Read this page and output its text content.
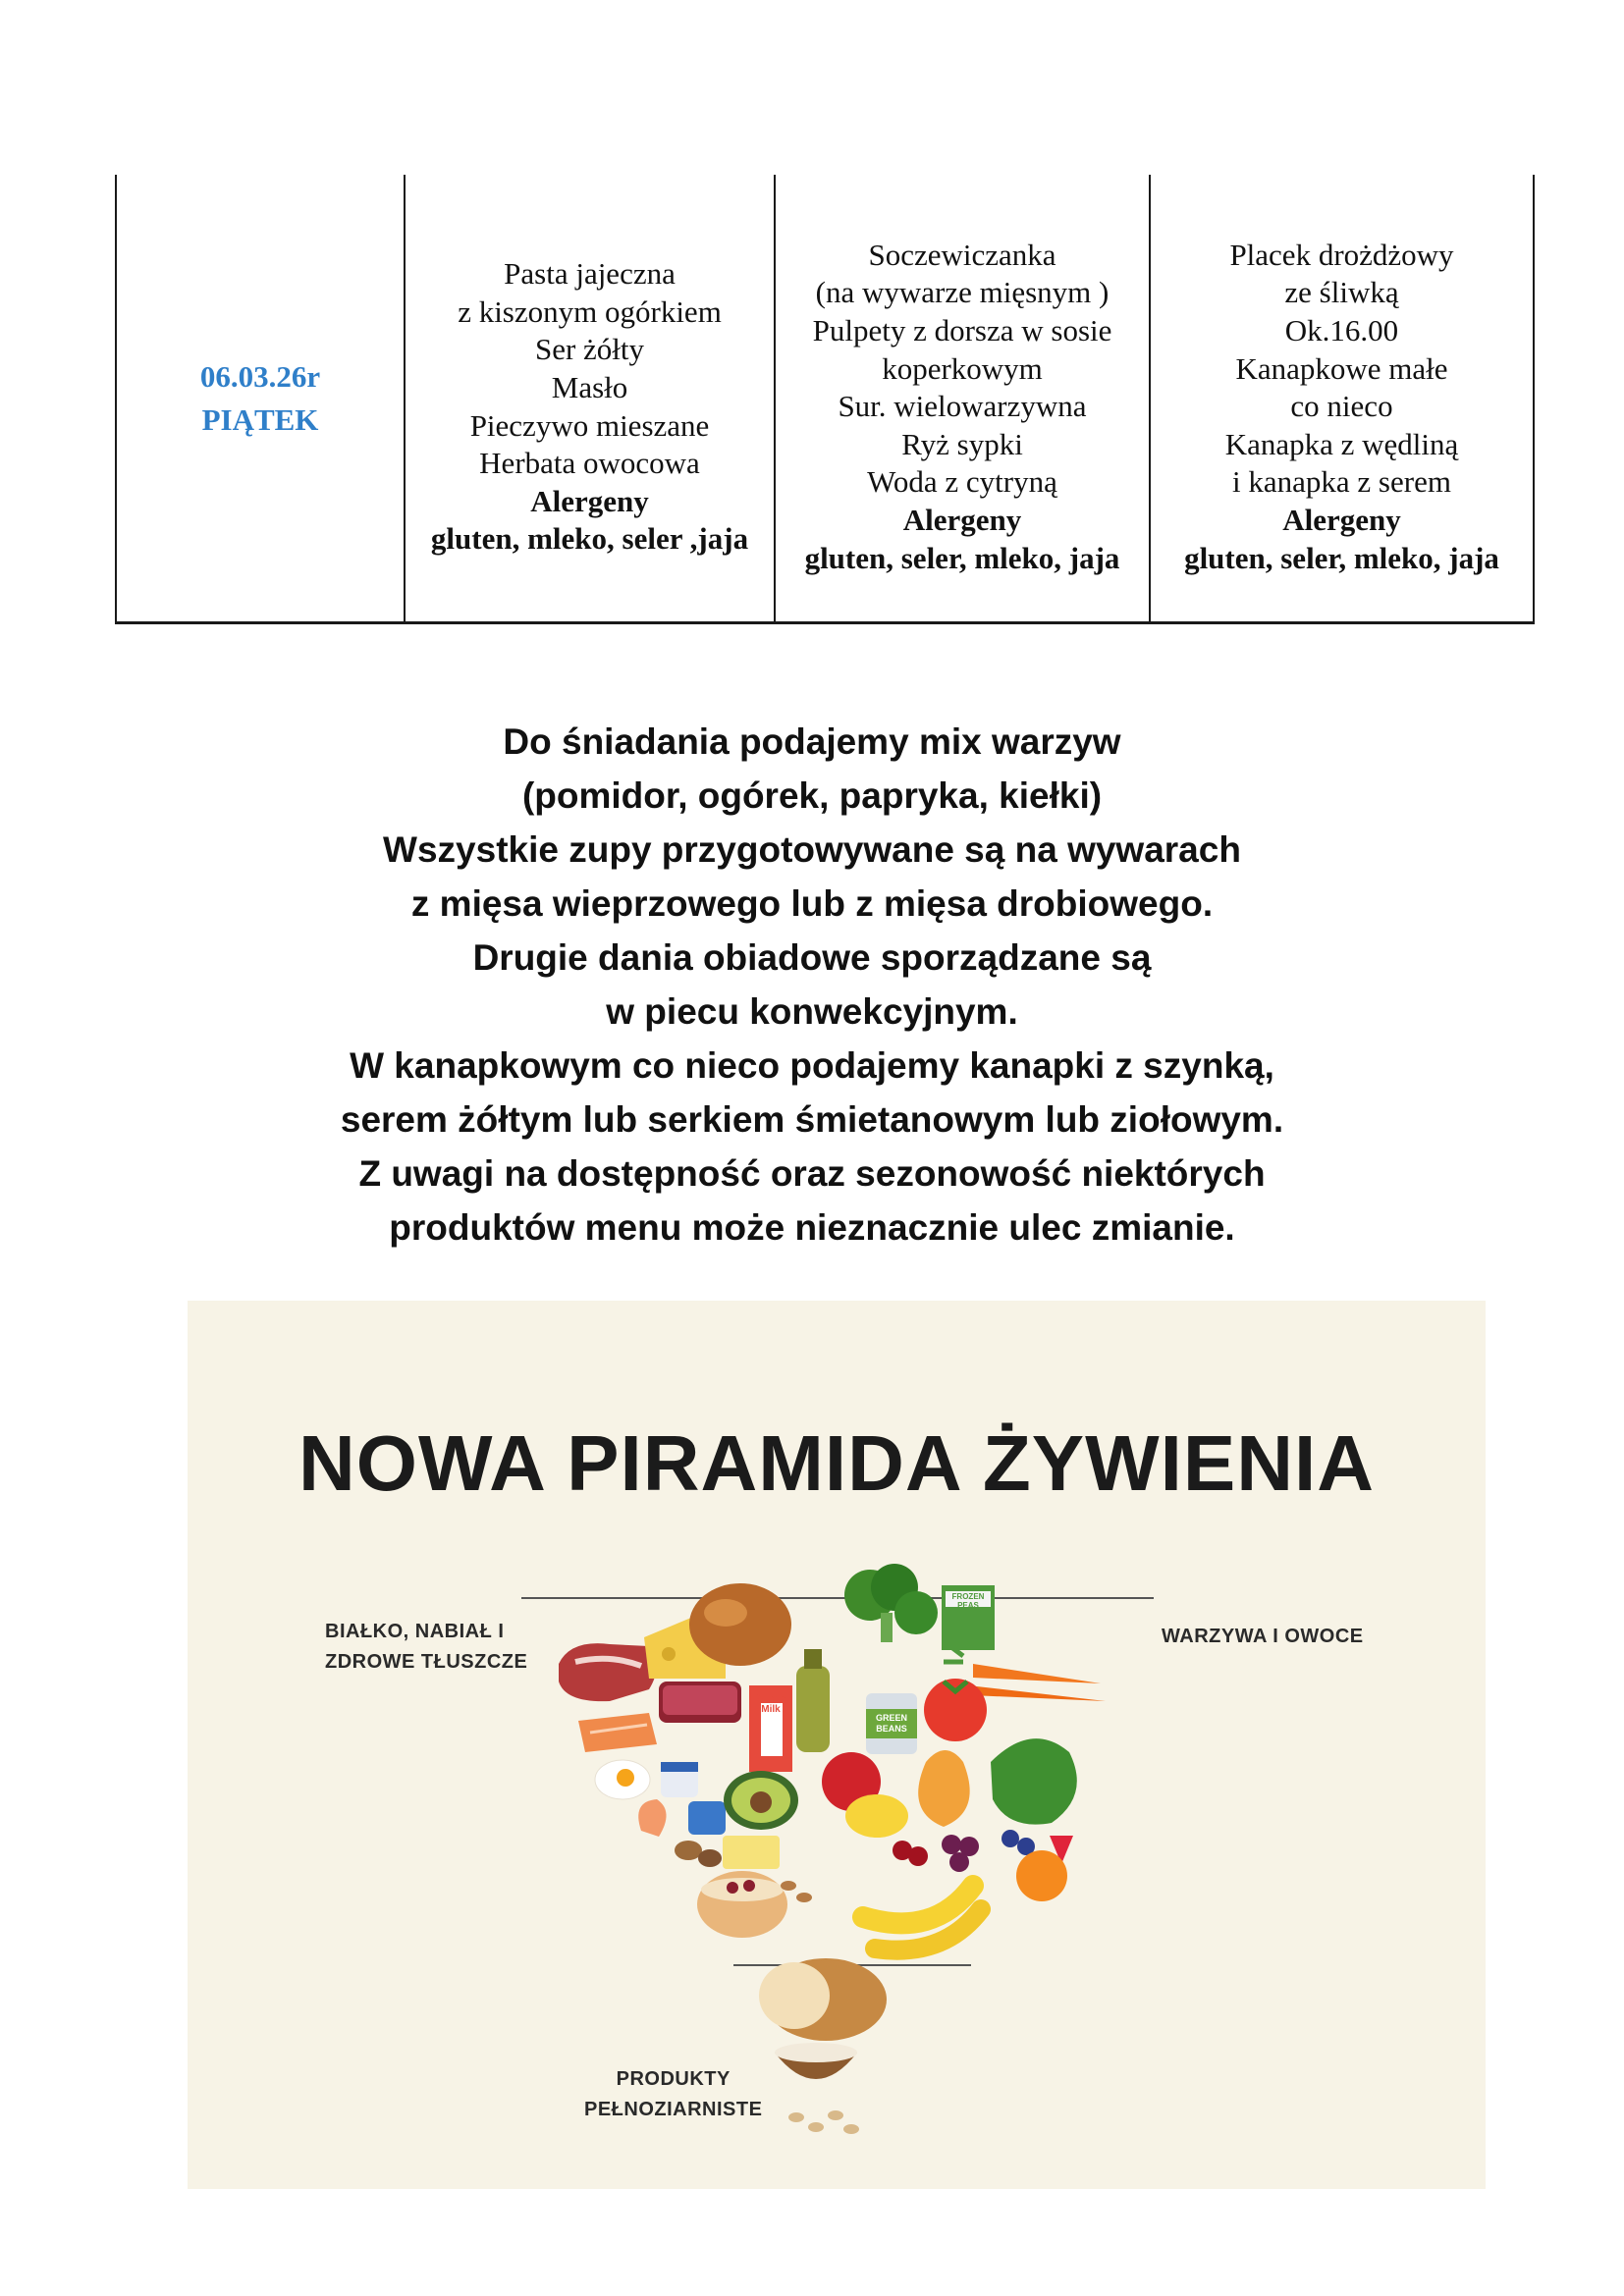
06.03.26r
PIĄTEK
Pasta jajeczna
z kiszonym ogórkiem
Ser żółty
Masło
Pieczywo mieszane
Herbata owocowa
Alergeny
gluten, mleko, seler ,jaja
Soczewiczanka
(na wywarze mięsnym )
Pulpety z dorsza w sosie
koperkowym
Sur. wielowarzywna
Ryż sypki
Woda z cytryną
Alergeny
gluten, seler, mleko, jaja
Placek drożdżowy
ze śliwką
Ok.16.00
Kanapkowe małe
co nieco
Kanapka z wędliną
i kanapka z serem
Alergeny
gluten, seler, mleko, jaja
Do śniadania podajemy mix warzyw
(pomidor, ogórek, papryka, kiełki)
Wszystkie zupy przygotowywane są na wywarach
z mięsa wieprzowego lub z mięsa drobiowego.
Drugie dania obiadowe sporządzane są
w piecu konwekcyjnym.
W kanapkowym co nieco podajemy kanapki z szynką,
serem żółtym lub serkiem śmietanowym lub ziołowym.
Z uwagi na dostępność oraz sezonowość niektórych
produktów menu może nieznacznie ulec zmianie.
Whole Milk
GREEN BEANS
FROZEN PEAS
NOWA PIRAMIDA ŻYWIENIA
BIAŁKO, NABIAŁ I
ZDROWE TŁUSZCZE
WARZYWA I OWOCE
PRODUKTY
PEŁNOZIARNISTE
